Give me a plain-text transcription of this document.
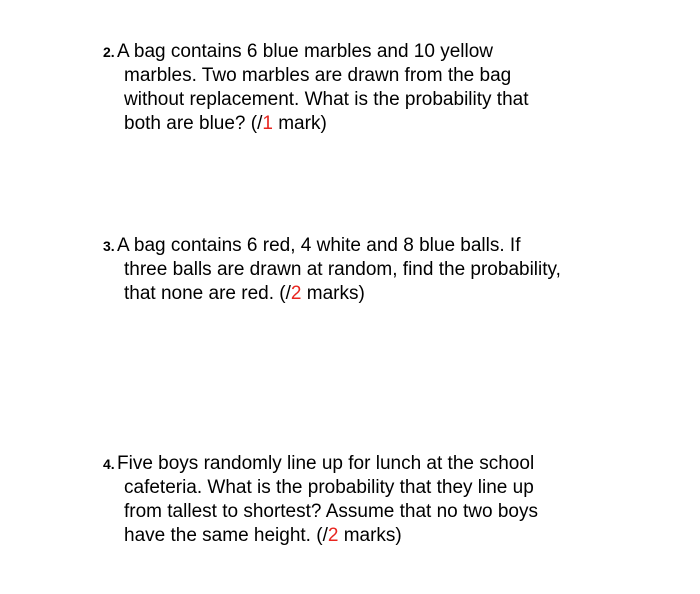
2. A bag contains 6 blue marbles and 10 yellow
marbles. Two marbles are drawn from the bag
without replacement. What is the probability that
both are blue? (/1 mark)
3. A bag contains 6 red, 4 white and 8 blue balls. If
three balls are drawn at random, find the probability,
that none are red. (/2 marks)
4. Five boys randomly line up for lunch at the school
cafeteria. What is the probability that they line up
from tallest to shortest? Assume that no two boys
have the same height. (/2 marks)
